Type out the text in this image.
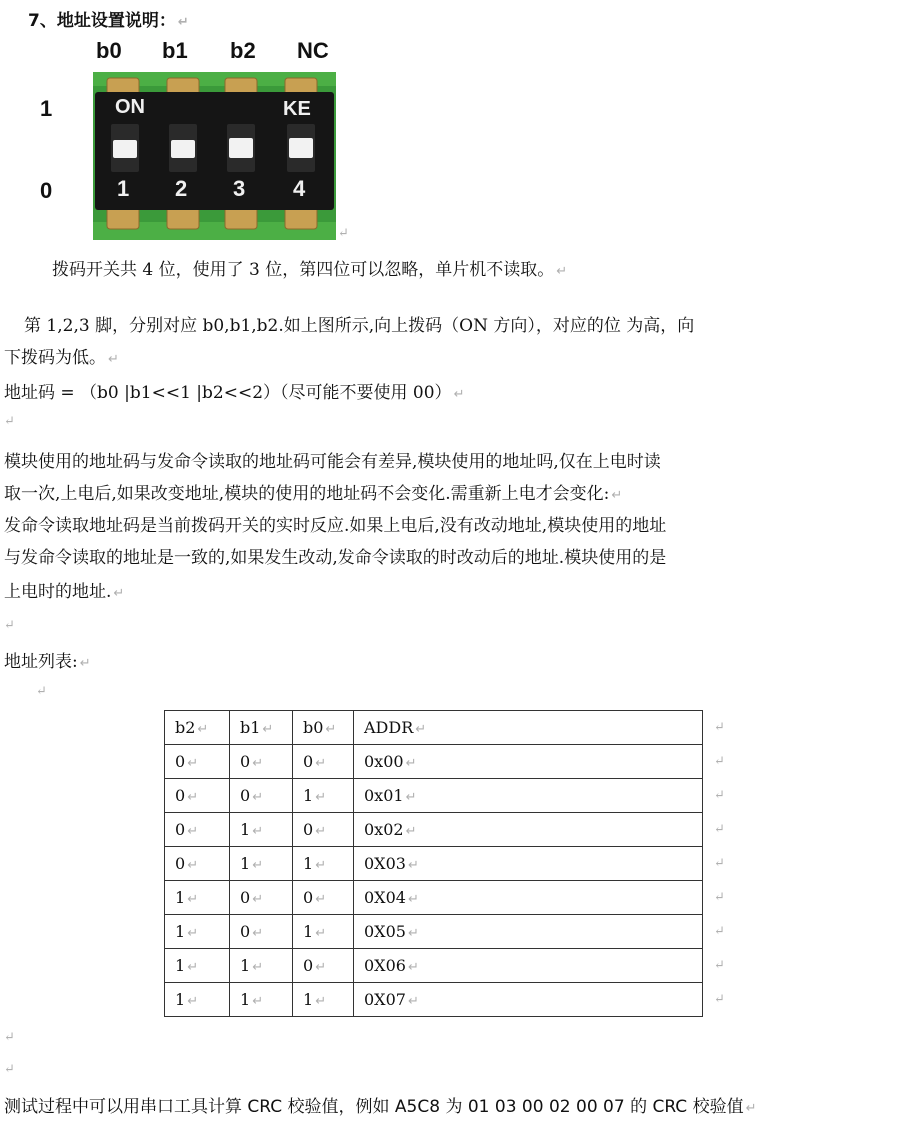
7、地址设置说明： ↵
b0 b1 b2 NC
1
0
ON	KE
1 2 3 4
↵
拨码开关共 4 位，使用了 3 位，第四位可以忽略，单片机不读取。 ↵
第 1,2,3 脚，分别对应 b0,b1,b2.如上图所示,向上拨码（ON 方向），对应的位 为高，向
下拨码为低。 ↵
地址码 = （b0 |b1<<1 |b2<<2）（尽可能不要使用 00） ↵
↵
模块使用的地址码与发命令读取的地址码可能会有差异,模块使用的地址吗,仅在上电时读
取一次,上电后,如果改变地址,模块的使用的地址码不会变化.需重新上电才会变化: ↵
发命令读取地址码是当前拨码开关的实时反应.如果上电后,没有改动地址,模块使用的地址
与发命令读取的地址是一致的,如果发生改动,发命令读取的时改动后的地址.模块使用的是
上电时的地址. ↵
↵
地址列表: ↵
↵
b2 ↵	b1 ↵	b0 ↵	ADDR ↵
0 ↵	0 ↵	0 ↵	0x00 ↵
0 ↵	0 ↵	1 ↵	0x01 ↵
0 ↵	1 ↵	0 ↵	0x02 ↵
0 ↵	1 ↵	1 ↵	0X03 ↵
1 ↵	0 ↵	0 ↵	0X04 ↵
1 ↵	0 ↵	1 ↵	0X05 ↵
1 ↵	1 ↵	0 ↵	0X06 ↵
1 ↵	1 ↵	1 ↵	0X07 ↵
↵
↵
↵
↵
↵
↵
↵
↵
↵
↵
↵
测试过程中可以用串口工具计算 CRC 校验值，例如 A5C8 为 01 03 00 02 00 07 的 CRC 校验值 ↵
